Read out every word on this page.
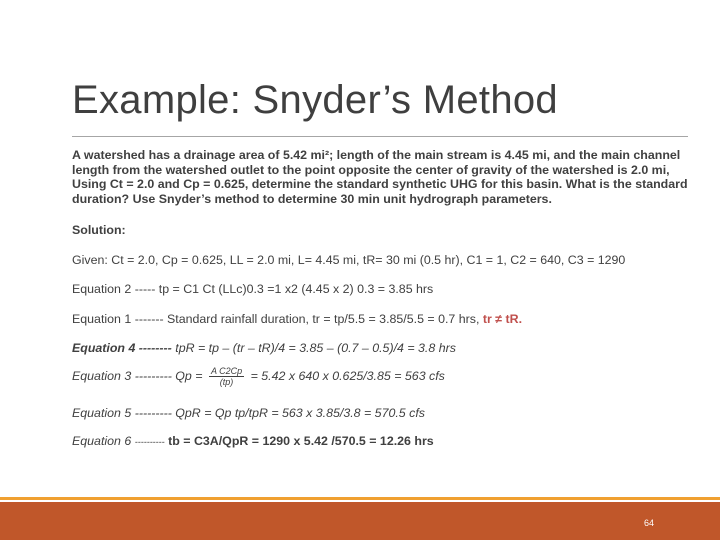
Example: Snyder’s Method

A watershed has a drainage area of 5.42 mi²; length of the main stream is 4.45 mi, and the main channel length from the watershed outlet to the point opposite the center of gravity of the watershed is 2.0 mi, Using Ct = 2.0 and Cp = 0.625, determine the standard synthetic UHG for this basin. What is the standard duration? Use Snyder’s method to determine 30 min unit hydrograph parameters.

Solution:

Given: Ct = 2.0, Cp = 0.625, LL = 2.0 mi, L= 4.45 mi, tR= 30 mi (0.5 hr), C1 = 1, C2 = 640, C3 = 1290
Equation 2 ----- tp = C1 Ct (LLc)0.3 =1 x2 (4.45 x 2) 0.3 = 3.85 hrs
Equation 1 ------- Standard rainfall duration, tr = tp/5.5 = 3.85/5.5 = 0.7 hrs, tr ≠ tR.
Equation 4 -------- tpR = tp – (tr – tR)/4 = 3.85 – (0.7 – 0.5)/4 = 3.8 hrs
Equation 3 --------- $Qp = \frac{\text{A C2Cp}}{(tp)} = 5.42$ x 640 x 0.625/3.85 = 563 cfs
Equation 5 --------- QpR = Qp tp/tpR = 563 x 3.85/3.8 = 570.5 cfs
Equation 6 ---------- tb = C3A/QpR = 1290 x 5.42 /570.5 = 12.26 hrs
64
